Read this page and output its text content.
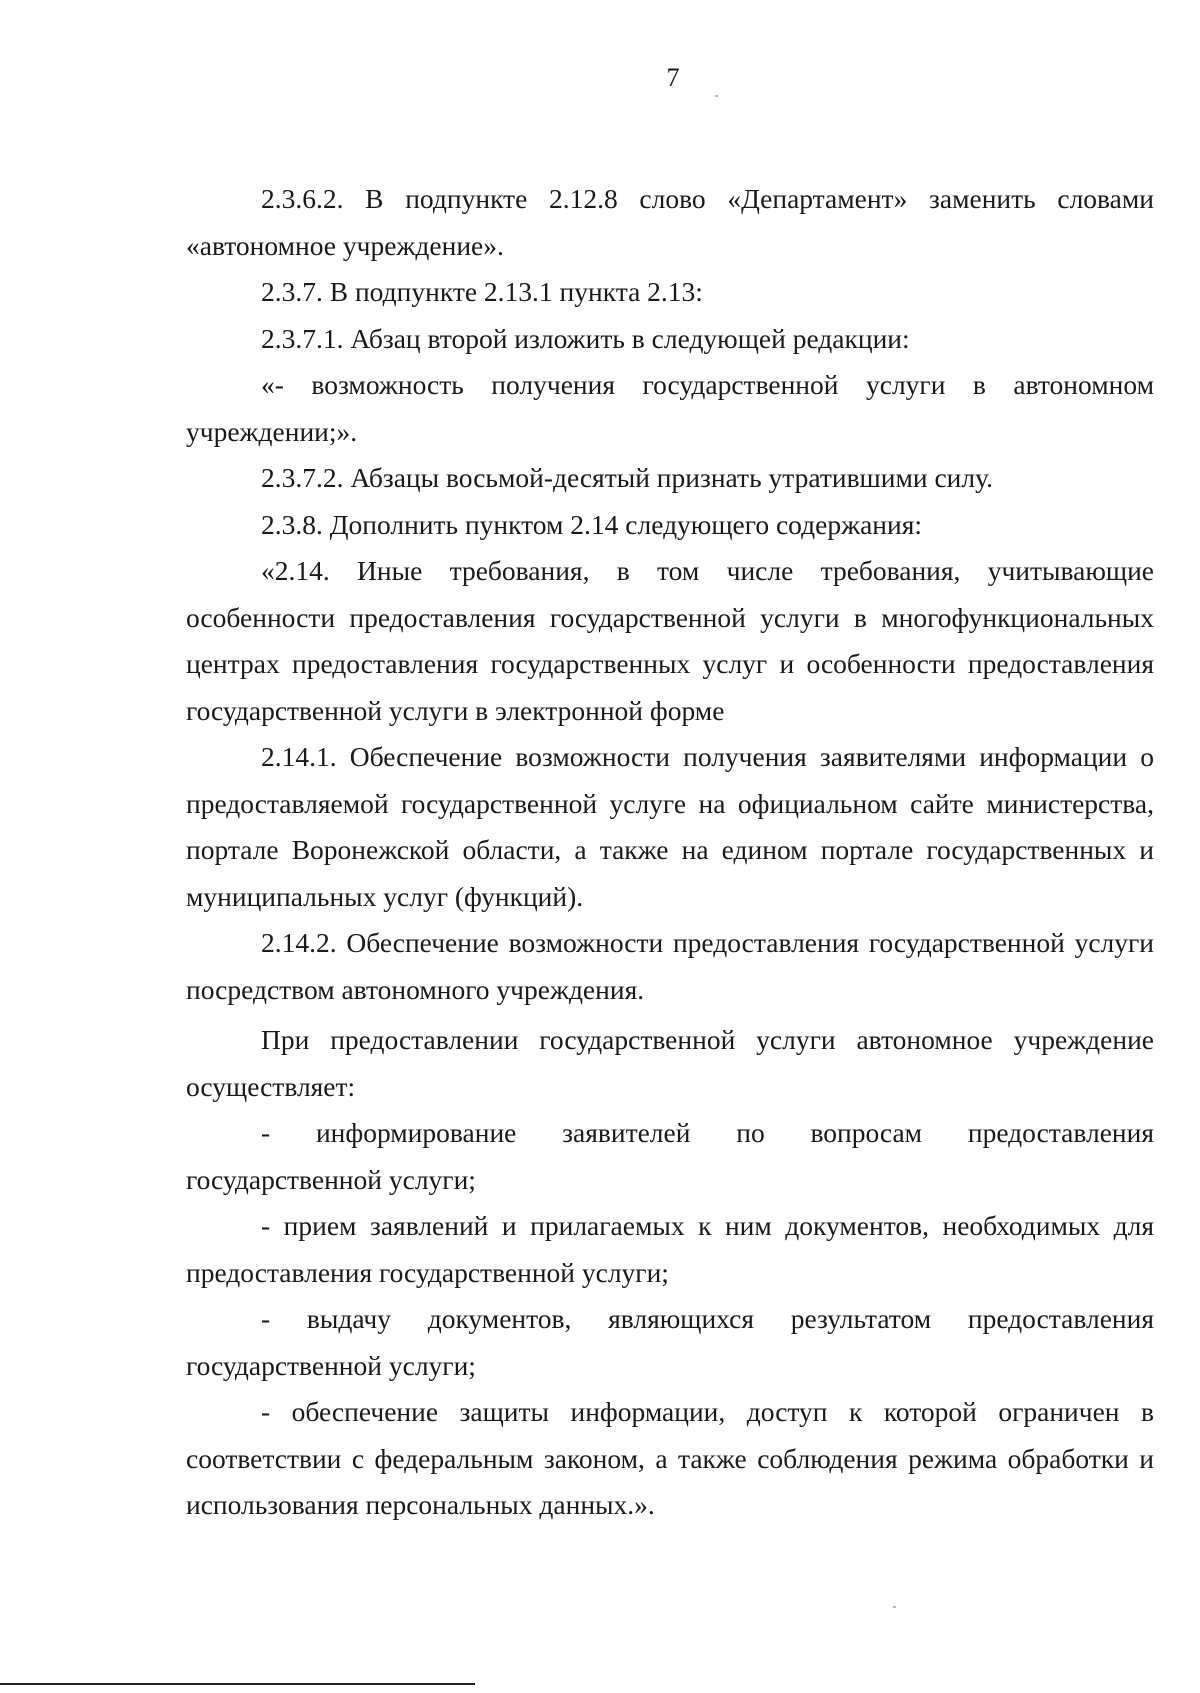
7

2.3.6.2. В подпункте 2.12.8 слово «Департамент» заменить словами «автономное учреждение».

2.3.7. В подпункте 2.13.1 пункта 2.13:

2.3.7.1. Абзац второй изложить в следующей редакции:

«- возможность получения государственной услуги в автономном учреждении;».

2.3.7.2. Абзацы восьмой-десятый признать утратившими силу.

2.3.8. Дополнить пунктом 2.14 следующего содержания:

«2.14. Иные требования, в том числе требования, учитывающие особенности предоставления государственной услуги в многофункциональных центрах предоставления государственных услуг и особенности предоставления государственной услуги в электронной форме

2.14.1. Обеспечение возможности получения заявителями информации о предоставляемой государственной услуге на официальном сайте министерства, портале Воронежской области, а также на едином портале государственных и муниципальных услуг (функций).

2.14.2. Обеспечение возможности предоставления государственной услуги посредством автономного учреждения.

При предоставлении государственной услуги автономное учреждение осуществляет:

- информирование заявителей по вопросам предоставления государственной услуги;

- прием заявлений и прилагаемых к ним документов, необходимых для предоставления государственной услуги;

- выдачу документов, являющихся результатом предоставления государственной услуги;

- обеспечение защиты информации, доступ к которой ограничен в соответствии с федеральным законом, а также соблюдения режима обработки и использования персональных данных.».
